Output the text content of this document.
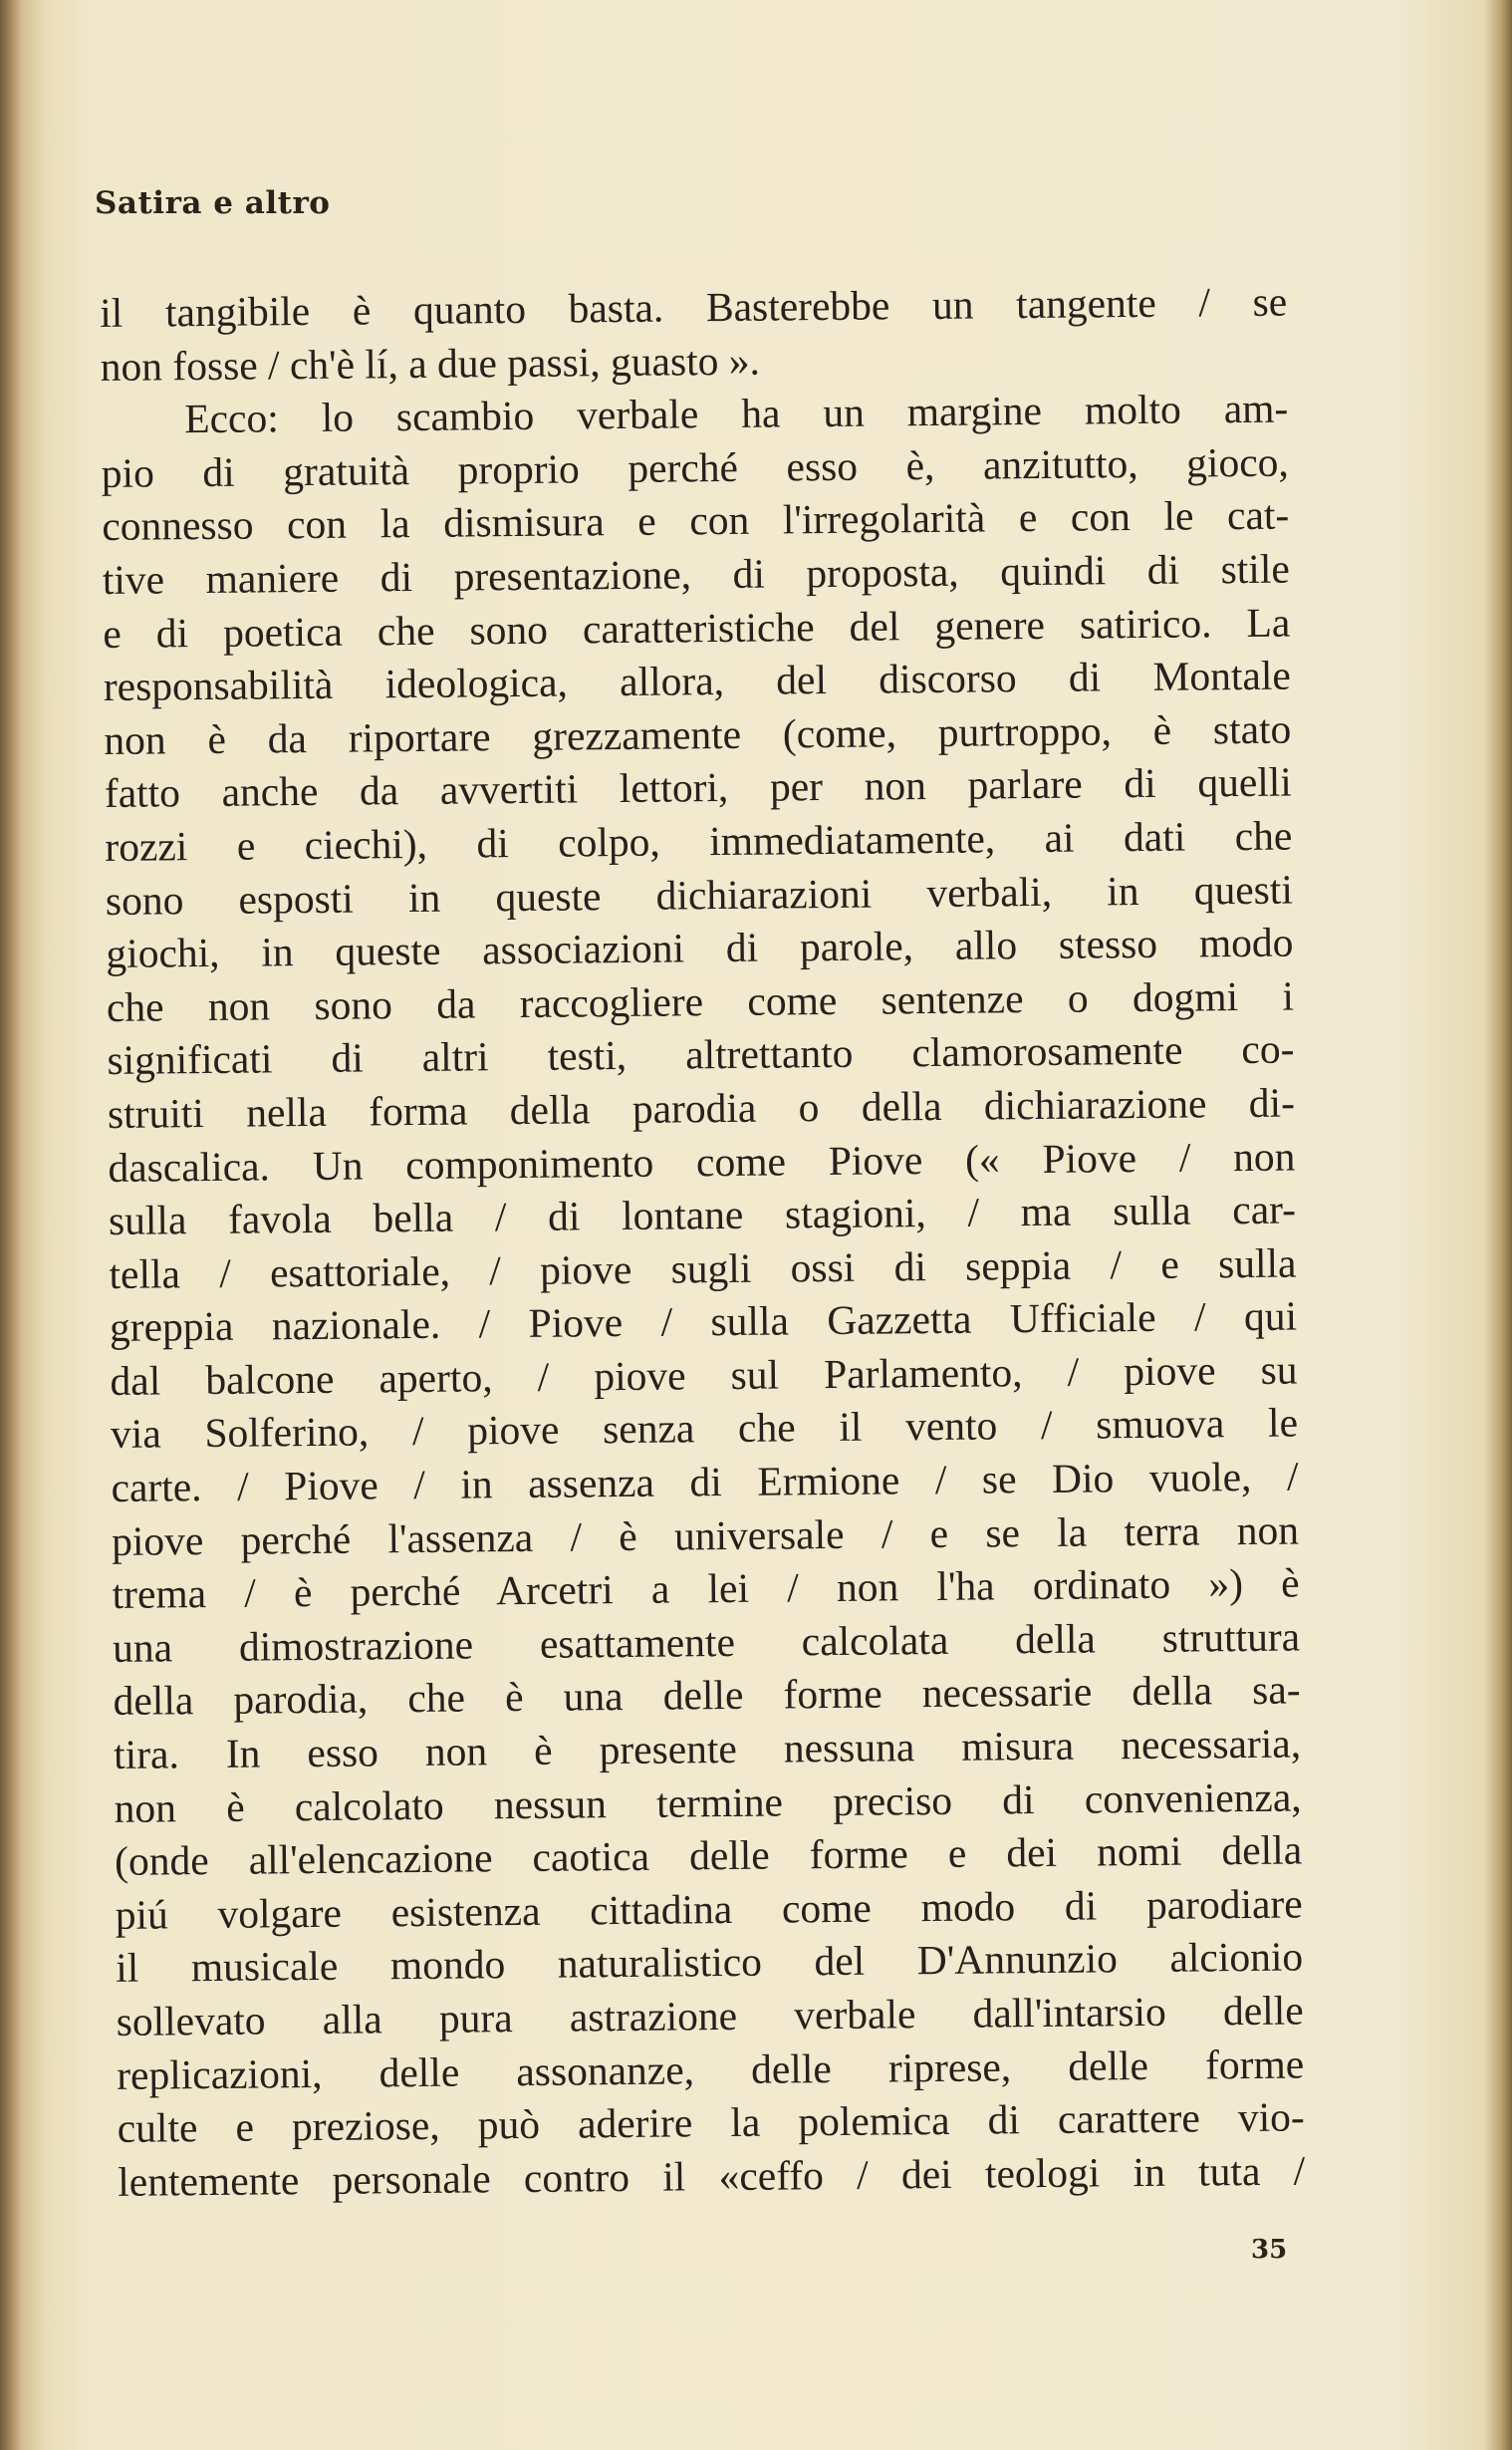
Satira e altro
il tangibile è quanto basta. Basterebbe un tangente / se
non fosse / ch'è lí, a due passi, guasto ».
Ecco: lo scambio verbale ha un margine molto am-
pio di gratuità proprio perché esso è, anzitutto, gioco,
connesso con la dismisura e con l'irregolarità e con le cat-
tive maniere di presentazione, di proposta, quindi di stile
e di poetica che sono caratteristiche del genere satirico. La
responsabilità ideologica, allora, del discorso di Montale
non è da riportare grezzamente (come, purtroppo, è stato
fatto anche da avvertiti lettori, per non parlare di quelli
rozzi e ciechi), di colpo, immediatamente, ai dati che
sono esposti in queste dichiarazioni verbali, in questi
giochi, in queste associazioni di parole, allo stesso modo
che non sono da raccogliere come sentenze o dogmi i
significati di altri testi, altrettanto clamorosamente co-
struiti nella forma della parodia o della dichiarazione di-
dascalica. Un componimento come Piove (« Piove / non
sulla favola bella / di lontane stagioni, / ma sulla car-
tella / esattoriale, / piove sugli ossi di seppia / e sulla
greppia nazionale. / Piove / sulla Gazzetta Ufficiale / qui
dal balcone aperto, / piove sul Parlamento, / piove su
via Solferino, / piove senza che il vento / smuova le
carte. / Piove / in assenza di Ermione / se Dio vuole, /
piove perché l'assenza / è universale / e se la terra non
trema / è perché Arcetri a lei / non l'ha ordinato ») è
una dimostrazione esattamente calcolata della struttura
della parodia, che è una delle forme necessarie della sa-
tira. In esso non è presente nessuna misura necessaria,
non è calcolato nessun termine preciso di convenienza,
(onde all'elencazione caotica delle forme e dei nomi della
piú volgare esistenza cittadina come modo di parodiare
il musicale mondo naturalistico del D'Annunzio alcionio
sollevato alla pura astrazione verbale dall'intarsio delle
replicazioni, delle assonanze, delle riprese, delle forme
culte e preziose, può aderire la polemica di carattere vio-
lentemente personale contro il «ceffo / dei teologi in tuta /
35
